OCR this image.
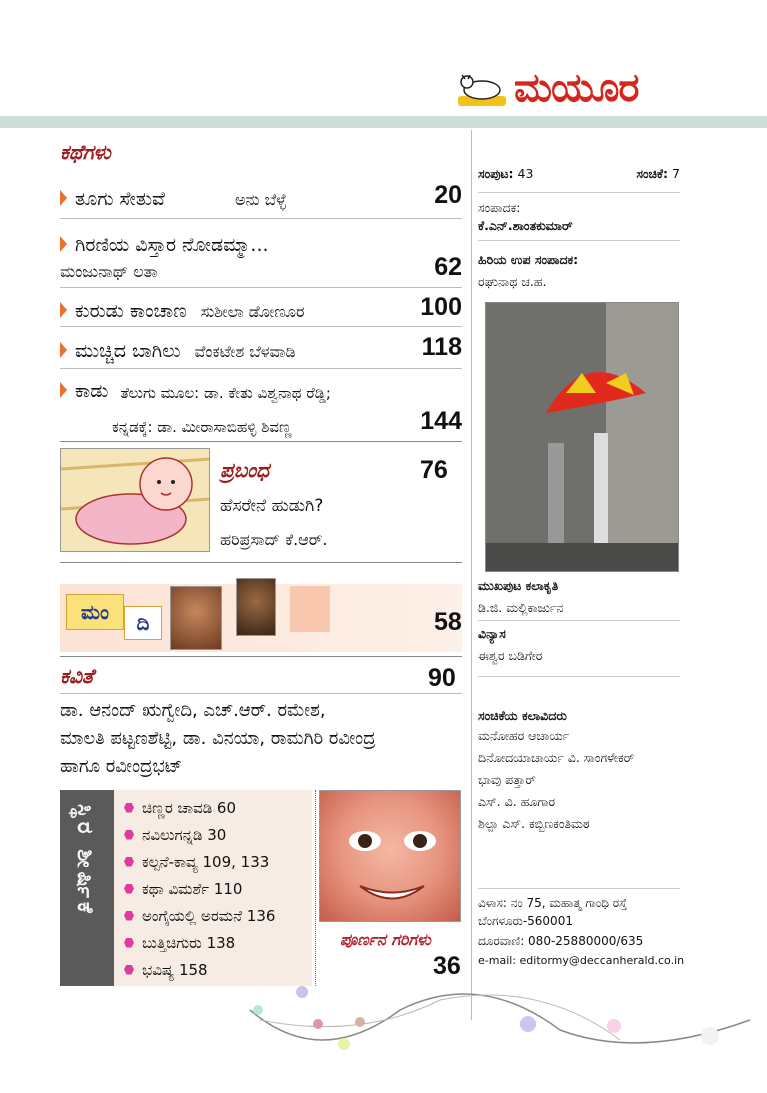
ಮಯೂರ
ಕಥೆಗಳು
ತೂಗು ಸೇತುವೆ	ಅನು ಬೆಳ್ಳೆ	20
ಗಿರಣಿಯ ವಿಸ್ತಾರ ನೋಡಮ್ಮಾ...
ಮಂಜುನಾಥ್ ಲತಾ	62
ಕುರುಡು ಕಾಂಚಾಣ ಸುಶೀಲಾ ಡೋಣೂರ	100
ಮುಚ್ಚಿದ ಬಾಗಿಲು ವೆಂಕಟೇಶ ಬೆಳವಾಡಿ	118
ಕಾಡು ತೆಲುಗು ಮೂಲ: ಡಾ. ಕೇತು ವಿಶ್ವನಾಥ ರೆಡ್ಡಿ;
ಕನ್ನಡಕ್ಕೆ: ಡಾ. ಮೀರಾಸಾಬಿಹಳ್ಳಿ ಶಿವಣ್ಣ	144
ಪ್ರಬಂಧ	76
ಹೆಸರೇನೆ ಹುಡುಗಿ?
ಹರಿಪ್ರಸಾದ್ ಕೆ.ಆರ್.
ಮಂ	ದಿ	58
ಕವಿತೆ	90
ಡಾ. ಆನಂದ್ ಋಗ್ವೇದಿ, ಎಚ್.ಆರ್. ರಮೇಶ,
ಮಾಲತಿ ಪಟ್ಟಣಶೆಟ್ಟಿ, ಡಾ. ವಿನಯಾ, ರಾಮಗಿರಿ ರವೀಂದ್ರ
ಹಾಗೂ ರವೀಂದ್ರಭಟ್
ಸ್ಥಿರ ಶೀರ್ಷಿಕೆ	ಚಿಣ್ಣರ ಚಾವಡಿ 60
ನವಿಲುಗನ್ನಡಿ 30
ಕಲ್ಪನೆ-ಕಾವ್ಯ 109, 133
ಕಥಾ ವಿಮರ್ಶೆ 110
ಅಂಗೈಯಲ್ಲಿ ಅರಮನೆ 136
ಬುತ್ತಿಚಿಗುರು 138
ಭವಿಷ್ಯ 158
ಪೂರ್ಣನ ಗರಿಗಳು
36
ಸಂಪುಟ: 43	ಸಂಚಿಕೆ: 7
ಸಂಪಾದಕ:
ಕೆ.ಎನ್.ಶಾಂತಕುಮಾರ್
ಹಿರಿಯ ಉಪ ಸಂಪಾದಕ:
ರಘುನಾಥ ಚ.ಹ.
ಮುಖಪುಟ ಕಲಾಕೃತಿ
ಡಿ.ಜಿ. ಮಲ್ಲಿಕಾರ್ಜುನ
ವಿನ್ಯಾಸ
ಈಶ್ವರ ಬಡಿಗೇರ
ಸಂಚಿಕೆಯ ಕಲಾವಿದರು
ಮನೋಹರ ಆಚಾರ್ಯ
ದಿನೋದಯಾಚಾರ್ಯ ವಿ. ಸಾಂಗಳೇಕರ್
ಭಾವು ಪತ್ತಾರ್
ಎಸ್. ವಿ. ಹೂಗಾರ
ಶಿಲ್ಪಾ ಎಸ್. ಕಬ್ಬಿಣಕಂತಿಮಠ
ವಿಳಾಸ: ನಂ 75, ಮಹಾತ್ಮ ಗಾಂಧಿ ರಸ್ತೆ
ಬೆಂಗಳೂರು-560001
ದೂರವಾಣಿ: 080-25880000/635
e-mail: editormy@deccanherald.co.in
